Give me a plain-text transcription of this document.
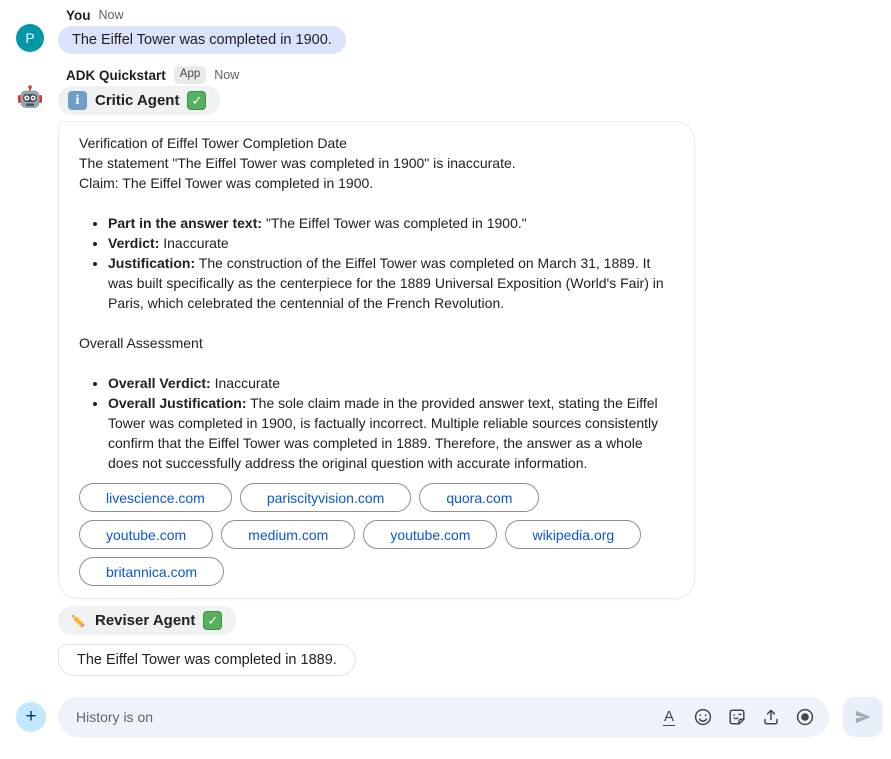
P
You Now
The Eiffel Tower was completed in 1900.
ADK Quickstart	App	Now
i	Critic Agent ✓
Verification of Eiffel Tower Completion Date
The statement "The Eiffel Tower was completed in 1900" is inaccurate.
Claim: The Eiffel Tower was completed in 1900.
• Part in the answer text: "The Eiffel Tower was completed in 1900."
• Verdict: Inaccurate
• Justification: The construction of the Eiffel Tower was completed on March 31, 1889. It was built specifically as the centerpiece for the 1889 Universal Exposition (World's Fair) in Paris, which celebrated the centennial of the French Revolution.
Overall Assessment
• Overall Verdict: Inaccurate
• Overall Justification: The sole claim made in the provided answer text, stating the Eiffel Tower was completed in 1900, is factually incorrect. Multiple reliable sources consistently confirm that the Eiffel Tower was completed in 1889. Therefore, the answer as a whole does not successfully address the original question with accurate information.
livescience.com	pariscityvision.com	quora.com
youtube.com	medium.com	youtube.com	wikipedia.org
britannica.com
Reviser Agent ✓
The Eiffel Tower was completed in 1889.
+
History is on	A
